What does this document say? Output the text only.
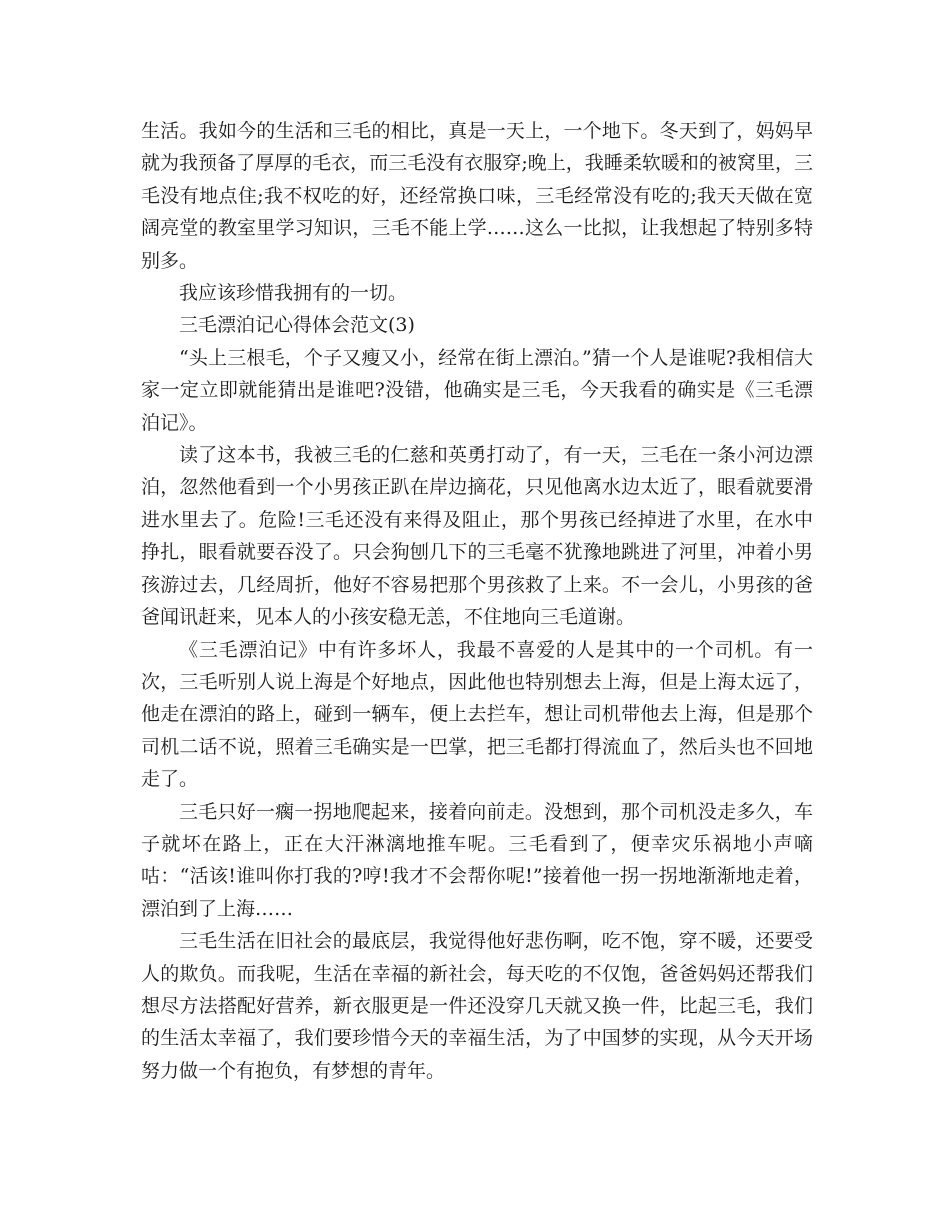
生活。我如今的生活和三毛的相比，真是一天上，一个地下。冬天到了，妈妈早就为我预备了厚厚的毛衣，而三毛没有衣服穿;晚上，我睡柔软暖和的被窝里，三毛没有地点住;我不权吃的好，还经常换口味，三毛经常没有吃的;我天天做在宽阔亮堂的教室里学习知识，三毛不能上学……这么一比拟，让我想起了特别多特别多。

我应该珍惜我拥有的一切。

三毛漂泊记心得体会范文(3)

“头上三根毛，个子又瘦又小，经常在街上漂泊。”猜一个人是谁呢?我相信大家一定立即就能猜出是谁吧?没错，他确实是三毛，今天我看的确实是《三毛漂泊记》。

读了这本书，我被三毛的仁慈和英勇打动了，有一天，三毛在一条小河边漂泊，忽然他看到一个小男孩正趴在岸边摘花，只见他离水边太近了，眼看就要滑进水里去了。危险!三毛还没有来得及阻止，那个男孩已经掉进了水里，在水中挣扎，眼看就要吞没了。只会狗刨几下的三毛毫不犹豫地跳进了河里，冲着小男孩游过去，几经周折，他好不容易把那个男孩救了上来。不一会儿，小男孩的爸爸闻讯赶来，见本人的小孩安稳无恙，不住地向三毛道谢。

《三毛漂泊记》中有许多坏人，我最不喜爱的人是其中的一个司机。有一次，三毛听别人说上海是个好地点，因此他也特别想去上海，但是上海太远了，他走在漂泊的路上，碰到一辆车，便上去拦车，想让司机带他去上海，但是那个司机二话不说，照着三毛确实是一巴掌，把三毛都打得流血了，然后头也不回地走了。

三毛只好一瘸一拐地爬起来，接着向前走。没想到，那个司机没走多久，车子就坏在路上，正在大汗淋漓地推车呢。三毛看到了，便幸灾乐祸地小声嘀咕：“活该!谁叫你打我的?哼!我才不会帮你呢!”接着他一拐一拐地渐渐地走着，漂泊到了上海……

三毛生活在旧社会的最底层，我觉得他好悲伤啊，吃不饱，穿不暖，还要受人的欺负。而我呢，生活在幸福的新社会，每天吃的不仅饱，爸爸妈妈还帮我们想尽方法搭配好营养，新衣服更是一件还没穿几天就又换一件，比起三毛，我们的生活太幸福了，我们要珍惜今天的幸福生活，为了中国梦的实现，从今天开场努力做一个有抱负，有梦想的青年。
